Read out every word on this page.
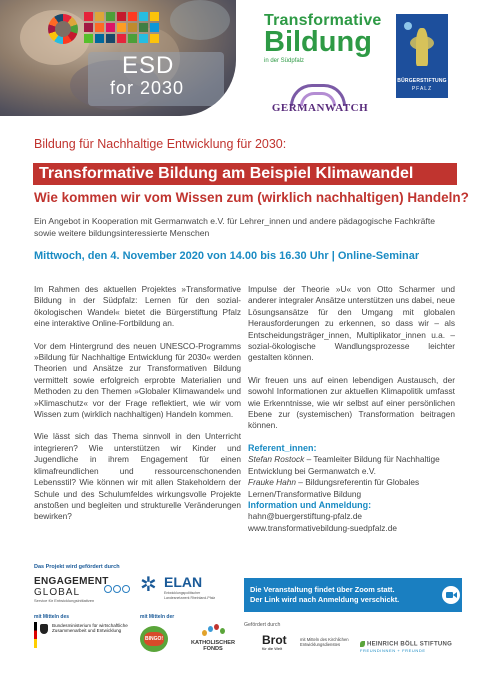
ESD
for 2030
Transformative
Bildung
in der Südpfalz
GERMANWATCH
BÜRGERSTIFTUNG
PFALZ
Bildung für Nachhaltige Entwicklung für 2030:
Transformative Bildung am Beispiel Klimawandel
Wie kommen wir vom Wissen zum (wirklich nachhaltigen) Handeln?
Ein Angebot in Kooperation mit Germanwatch e.V. für Lehrer_innen und andere pädagogische Fachkräfte sowie weitere bildungsinteressierte Menschen
Mittwoch, den 4. November 2020 von 14.00 bis 16.30 Uhr | Online-Seminar

Im Rahmen des aktuellen Projektes »Transformative Bildung in der Südpfalz: Lernen für den sozial-ökologischen Wandel« bietet die Bürgerstiftung Pfalz eine interaktive Online-Fortbildung an.

Vor dem Hintergrund des neuen UNESCO-Programms »Bildung für Nachhaltige Entwicklung für 2030« werden Theorien und Ansätze zur Transformativen Bildung vermittelt sowie erfolgreich erprobte Materialien und Methoden zu den Themen »Globaler Klimawandel« und »Klimaschutz« vor der Frage reflektiert, wie wir vom Wissen zum (wirklich nachhaltigen) Handeln kommen.

Wie lässt sich das Thema sinnvoll in den Unterricht integrieren? Wie unterstützen wir Kinder und Jugendliche in ihrem Engagement für einen klimafreundlichen und ressourcenschonenden Lebensstil? Wie können wir mit allen Stakeholdern der Schule und des Schulumfeldes wirkungsvolle Projekte anstoßen und begleiten und strukturelle Veränderungen bewirken?

Impulse der Theorie »U« von Otto Scharmer und anderer integraler Ansätze unterstützen uns dabei, neue Lösungsansätze für den Umgang mit globalen Herausforderungen zu erkennen, so dass wir – als Entscheidungsträger_innen, Multiplikator_innen u.a. – sozial-ökologische Wandlungsprozesse leichter gestalten können.

Wir freuen uns auf einen lebendigen Austausch, der sowohl Informationen zur aktuellen Klimapolitik umfasst wie Erkenntnisse, wie wir selbst auf einer persönlichen Ebene zur (systemischen) Transformation beitragen können.

Referent_innen:

Stefan Rostock – Teamleiter Bildung für Nachhaltige Entwicklung bei Germanwatch e.V.

Frauke Hahn – Bildungsreferentin für Globales Lernen/Transformative Bildung

Information und Anmeldung:

hahn@buergerstiftung-pfalz.de

www.transformativebildung-suedpfalz.de

Das Projekt wird gefördert durch
ENGAGEMENT
GLOBAL
Service für Entwicklungsinitiativen
✲ ELAN
Entwicklungspolitischer Landesnetzwerk Rheinland-Pfalz
Die Veranstaltung findet über Zoom statt.
Der Link wird nach Anmeldung verschickt.
mit Mitteln des	mit Mitteln der
Bundesministerium für wirtschaftliche Zusammenarbeit und Entwicklung
BINGO!
KATHOLISCHER FONDS
Gefördert durch
Brot
für die Welt
mit Mitteln des Kirchlichen Entwicklungsdienstes	HEINRICH BÖLL STIFTUNG
FREUNDINNEN + FREUNDE
